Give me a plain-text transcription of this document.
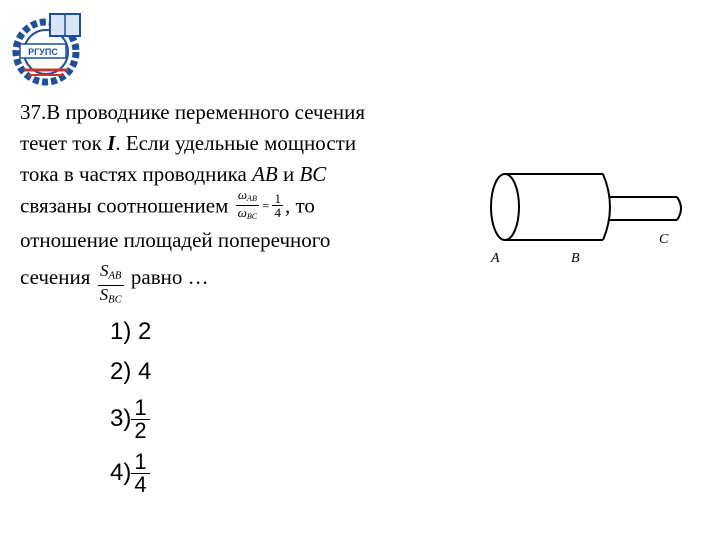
РГУПС

37.В проводнике переменного сечения

течет ток I. Если удельные мощности

тока в частях проводника AB и BC

связаны соотношением $\omega_{AB}$
$\omega_{BC}$
= $\frac{1}{4}$ , то

отношение площадей поперечного

сечения $\frac{S_{AB}}{S_{BC}}$ равно …

1) 2
2) 4
3) 1
2
4) 1
4
A	B
C
